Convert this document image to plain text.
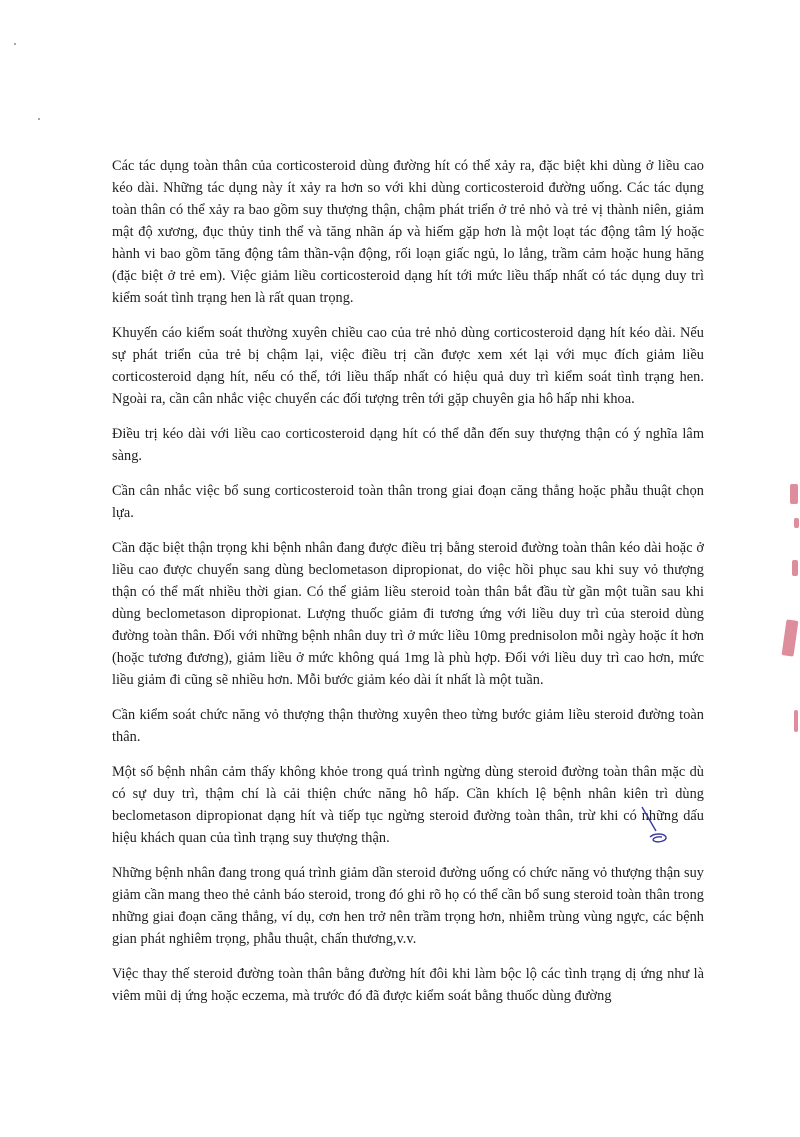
Các tác dụng toàn thân của corticosteroid dùng đường hít có thể xảy ra, đặc biệt khi dùng ở liều cao kéo dài. Những tác dụng này ít xảy ra hơn so với khi dùng corticosteroid đường uống. Các tác dụng toàn thân có thể xảy ra bao gồm suy thượng thận, chậm phát triển ở trẻ nhỏ và trẻ vị thành niên, giảm mật độ xương, đục thủy tinh thể và tăng nhãn áp và hiếm gặp hơn là một loạt tác động tâm lý hoặc hành vi bao gồm tăng động tâm thần-vận động, rối loạn giấc ngủ, lo lắng, trầm cảm hoặc hung hăng (đặc biệt ở trẻ em). Việc giảm liều corticosteroid dạng hít tới mức liều thấp nhất có tác dụng duy trì kiểm soát tình trạng hen là rất quan trọng.

Khuyến cáo kiểm soát thường xuyên chiều cao của trẻ nhỏ dùng corticosteroid dạng hít kéo dài. Nếu sự phát triển của trẻ bị chậm lại, việc điều trị cần được xem xét lại với mục đích giảm liều corticosteroid dạng hít, nếu có thể, tới liều thấp nhất có hiệu quả duy trì kiểm soát tình trạng hen. Ngoài ra, cần cân nhắc việc chuyển các đối tượng trên tới gặp chuyên gia hô hấp nhi khoa.

Điều trị kéo dài với liều cao corticosteroid dạng hít có thể dẫn đến suy thượng thận có ý nghĩa lâm sàng.

Cần cân nhắc việc bổ sung corticosteroid toàn thân trong giai đoạn căng thẳng hoặc phẫu thuật chọn lựa.

Cần đặc biệt thận trọng khi bệnh nhân đang được điều trị bằng steroid đường toàn thân kéo dài hoặc ở liều cao được chuyển sang dùng beclometason dipropionat, do việc hồi phục sau khi suy vỏ thượng thận có thể mất nhiều thời gian. Có thể giảm liều steroid toàn thân bắt đầu từ gần một tuần sau khi dùng beclometason dipropionat. Lượng thuốc giảm đi tương ứng với liều duy trì của steroid dùng đường toàn thân. Đối với những bệnh nhân duy trì ở mức liều 10mg prednisolon mỗi ngày hoặc ít hơn (hoặc tương đương), giảm liều ở mức không quá 1mg là phù hợp. Đối với liều duy trì cao hơn, mức liều giảm đi cũng sẽ nhiều hơn. Mỗi bước giảm kéo dài ít nhất là một tuần.

Cần kiểm soát chức năng vỏ thượng thận thường xuyên theo từng bước giảm liều steroid đường toàn thân.

Một số bệnh nhân cảm thấy không khỏe trong quá trình ngừng dùng steroid đường toàn thân mặc dù có sự duy trì, thậm chí là cải thiện chức năng hô hấp. Cần khích lệ bệnh nhân kiên trì dùng beclometason dipropionat dạng hít và tiếp tục ngừng steroid đường toàn thân, trừ khi có những dấu hiệu khách quan của tình trạng suy thượng thận.

Những bệnh nhân đang trong quá trình giảm dần steroid đường uống có chức năng vỏ thượng thận suy giảm cần mang theo thẻ cảnh báo steroid, trong đó ghi rõ họ có thể cần bổ sung steroid toàn thân trong những giai đoạn căng thẳng, ví dụ, cơn hen trở nên trầm trọng hơn, nhiễm trùng vùng ngực, các bệnh gian phát nghiêm trọng, phẫu thuật, chấn thương,v.v.

Việc thay thế steroid đường toàn thân bằng đường hít đôi khi làm bộc lộ các tình trạng dị ứng như là viêm mũi dị ứng hoặc eczema, mà trước đó đã được kiểm soát bằng thuốc dùng đường
